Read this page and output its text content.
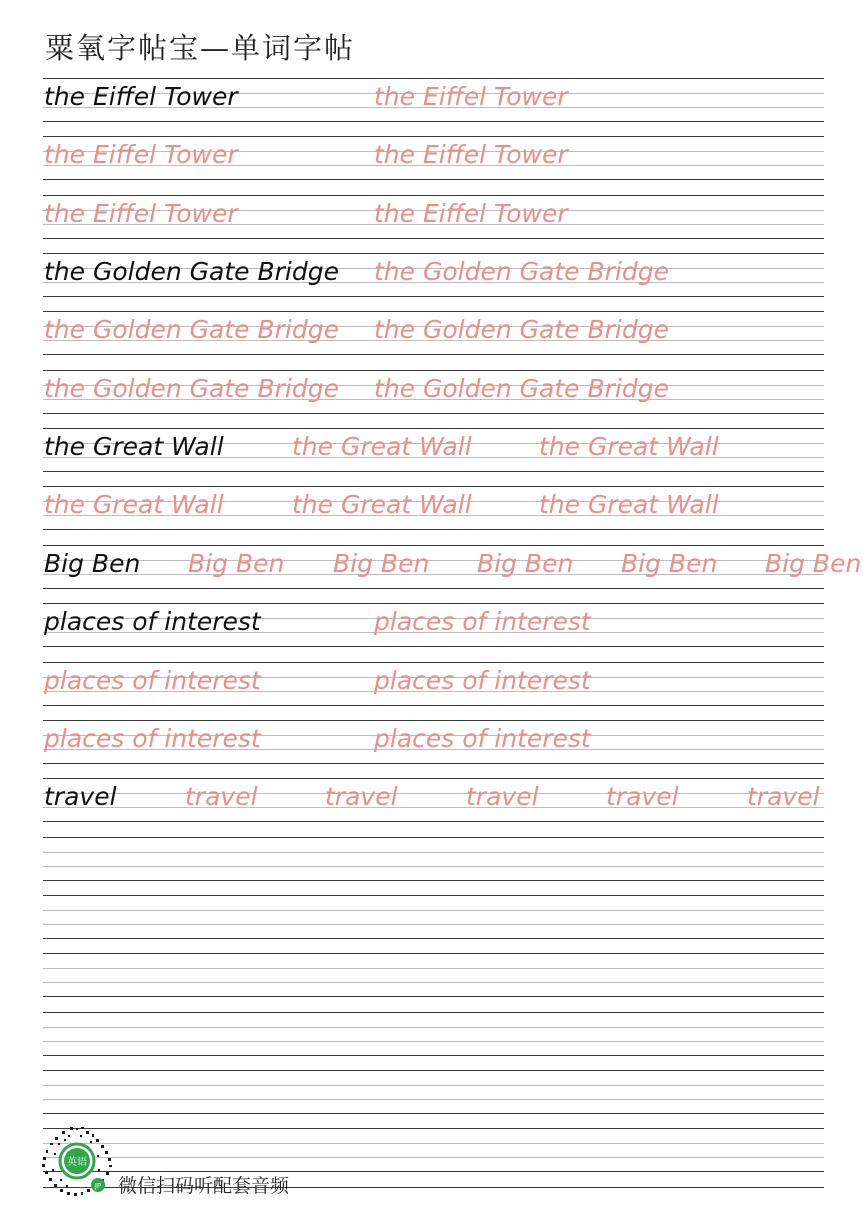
粟氧字帖宝—单词字帖
the Eiffel Tower	the Eiffel Tower
the Eiffel Tower	the Eiffel Tower
the Eiffel Tower	the Eiffel Tower
the Golden Gate Bridge the Golden Gate Bridge
the Golden Gate Bridge the Golden Gate Bridge
the Golden Gate Bridge the Golden Gate Bridge
the Great Wall	the Great Wall	the Great Wall
the Great Wall	the Great Wall	the Great Wall
Big Ben Big Ben Big Ben Big Ben Big Ben Big Ben
places of interest	places of interest
places of interest	places of interest
places of interest	places of interest
travel	travel	travel	travel	travel	travel
英语
JP 微信扫码听配套音频
